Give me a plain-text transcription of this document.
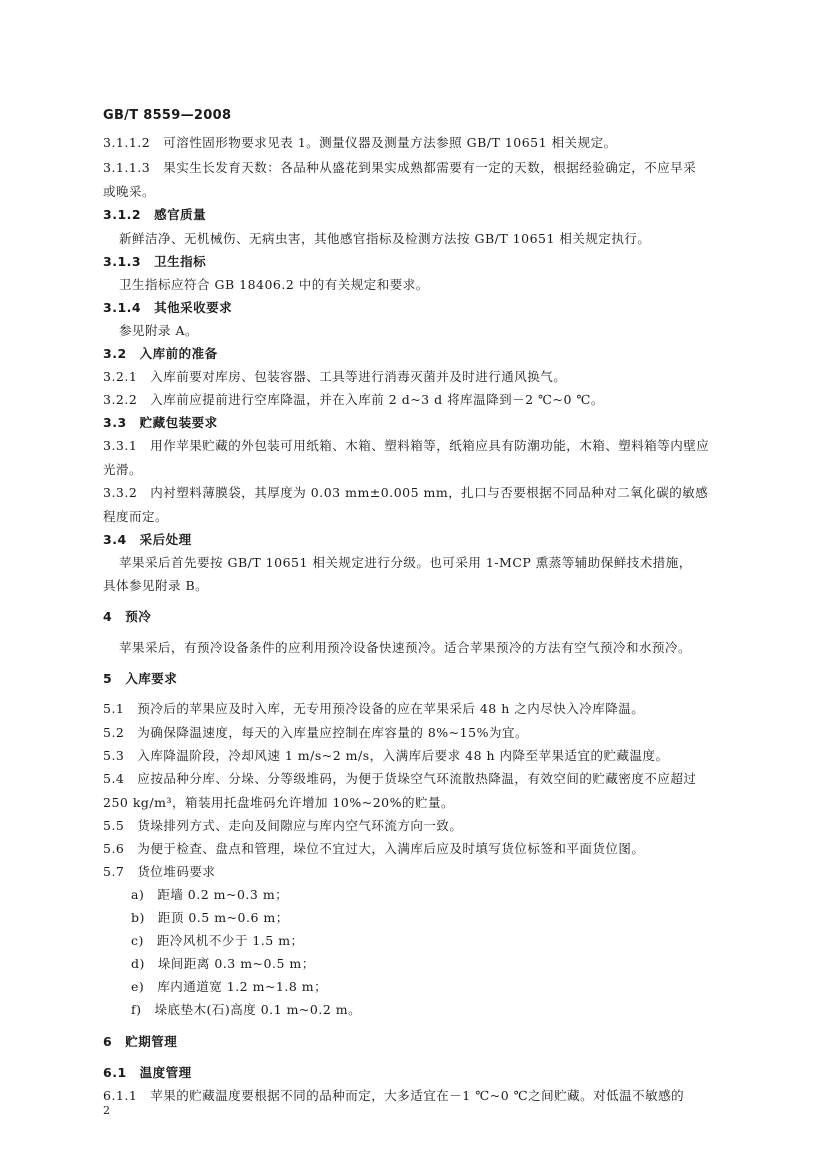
GB/T 8559—2008
3.1.1.2　可溶性固形物要求见表 1。测量仪器及测量方法参照 GB/T 10651 相关规定。
3.1.1.3　果实生长发育天数：各品种从盛花到果实成熟都需要有一定的天数，根据经验确定，不应早采
或晚采。
3.1.2　感官质量
新鲜洁净、无机械伤、无病虫害，其他感官指标及检测方法按 GB/T 10651 相关规定执行。
3.1.3　卫生指标
卫生指标应符合 GB 18406.2 中的有关规定和要求。
3.1.4　其他采收要求
参见附录 A。
3.2　入库前的准备
3.2.1　入库前要对库房、包装容器、工具等进行消毒灭菌并及时进行通风换气。
3.2.2　入库前应提前进行空库降温，并在入库前 2 d~3 d 将库温降到－2 ℃~0 ℃。
3.3　贮藏包装要求
3.3.1　用作苹果贮藏的外包装可用纸箱、木箱、塑料箱等，纸箱应具有防潮功能，木箱、塑料箱等内壁应
光滑。
3.3.2　内衬塑料薄膜袋，其厚度为 0.03 mm±0.005 mm，扎口与否要根据不同品种对二氧化碳的敏感
程度而定。
3.4　采后处理
苹果采后首先要按 GB/T 10651 相关规定进行分级。也可采用 1-MCP 熏蒸等辅助保鲜技术措施，
具体参见附录 B。
4　预冷
苹果采后，有预冷设备条件的应利用预冷设备快速预冷。适合苹果预冷的方法有空气预冷和水预冷。
5　入库要求
5.1　预冷后的苹果应及时入库，无专用预冷设备的应在苹果采后 48 h 之内尽快入冷库降温。
5.2　为确保降温速度，每天的入库量应控制在库容量的 8%~15%为宜。
5.3　入库降温阶段，冷却风速 1 m/s~2 m/s，入满库后要求 48 h 内降至苹果适宜的贮藏温度。
5.4　应按品种分库、分垛、分等级堆码，为便于货垛空气环流散热降温，有效空间的贮藏密度不应超过
250 kg/m³，箱装用托盘堆码允许增加 10%~20%的贮量。
5.5　货垛排列方式、走向及间隙应与库内空气环流方向一致。
5.6　为便于检查、盘点和管理，垛位不宜过大，入满库后应及时填写货位标签和平面货位图。
5.7　货位堆码要求
a)　距墙 0.2 m~0.3 m；
b)　距顶 0.5 m~0.6 m；
c)　距冷风机不少于 1.5 m；
d)　垛间距离 0.3 m~0.5 m；
e)　库内通道宽 1.2 m~1.8 m；
f)　垛底垫木(石)高度 0.1 m~0.2 m。
6　贮期管理
6.1　温度管理
6.1.1　苹果的贮藏温度要根据不同的品种而定，大多适宜在－1 ℃~0 ℃之间贮藏。对低温不敏感的
2
